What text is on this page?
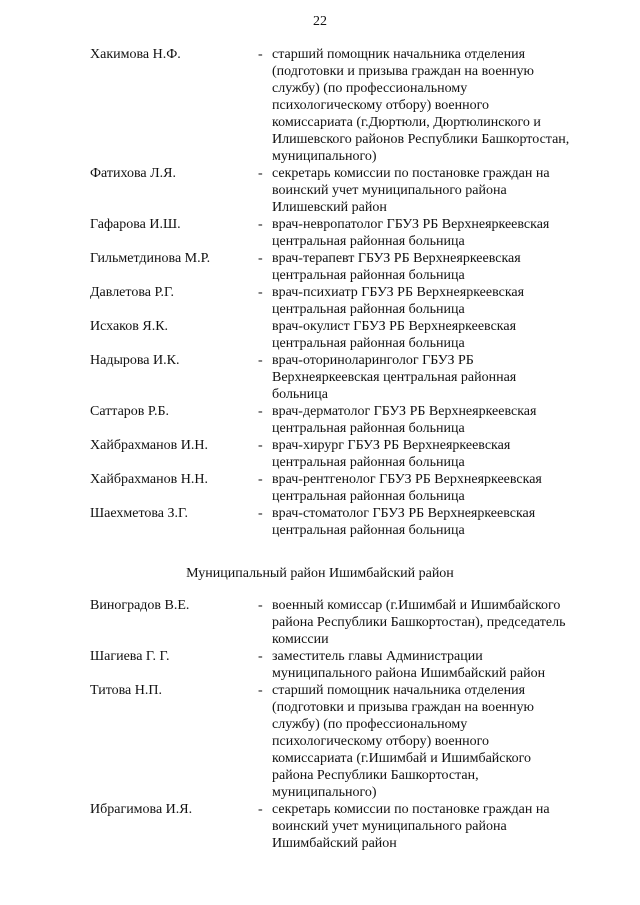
22
Хакимова Н.Ф.	- старший помощник начальника отделения
(подготовки и призыва граждан на военную
службу) (по профессиональному
психологическому отбору) военного
комиссариата (г.Дюртюли, Дюртюлинского и
Илишевского районов Республики Башкортостан,
муниципального)
Фатихова Л.Я.	- секретарь комиссии по постановке граждан на
воинский учет муниципального района
Илишевский район
Гафарова И.Ш.	- врач-невропатолог ГБУЗ РБ Верхнеяркеевская
центральная районная больница
Гильметдинова М.Р.	- врач-терапевт ГБУЗ РБ Верхнеяркеевская
центральная районная больница
Давлетова Р.Г.	- врач-психиатр ГБУЗ РБ Верхнеяркеевская
центральная районная больница
Исхаков Я.К.	врач-окулист ГБУЗ РБ Верхнеяркеевская
центральная районная больница
Надырова И.К.	- врач-оториноларинголог ГБУЗ РБ
Верхнеяркеевская центральная районная
больница
Саттаров Р.Б.	- врач-дерматолог ГБУЗ РБ Верхнеяркеевская
центральная районная больница
Хайбрахманов И.Н.	- врач-хирург ГБУЗ РБ Верхнеяркеевская
центральная районная больница
Хайбрахманов Н.Н.	- врач-рентгенолог ГБУЗ РБ Верхнеяркеевская
центральная районная больница
Шаехметова З.Г.	- врач-стоматолог ГБУЗ РБ Верхнеяркеевская
центральная районная больница
Муниципальный район Ишимбайский район
Виноградов В.Е.	- военный комиссар (г.Ишимбай и Ишимбайского
района Республики Башкортостан), председатель
комиссии
Шагиева Г. Г.	- заместитель главы Администрации
муниципального района Ишимбайский район
Титова Н.П.	- старший помощник начальника отделения
(подготовки и призыва граждан на военную
службу) (по профессиональному
психологическому отбору) военного
комиссариата (г.Ишимбай и Ишимбайского
района Республики Башкортостан,
муниципального)
Ибрагимова И.Я.	- секретарь комиссии по постановке граждан на
воинский учет муниципального района
Ишимбайский район
